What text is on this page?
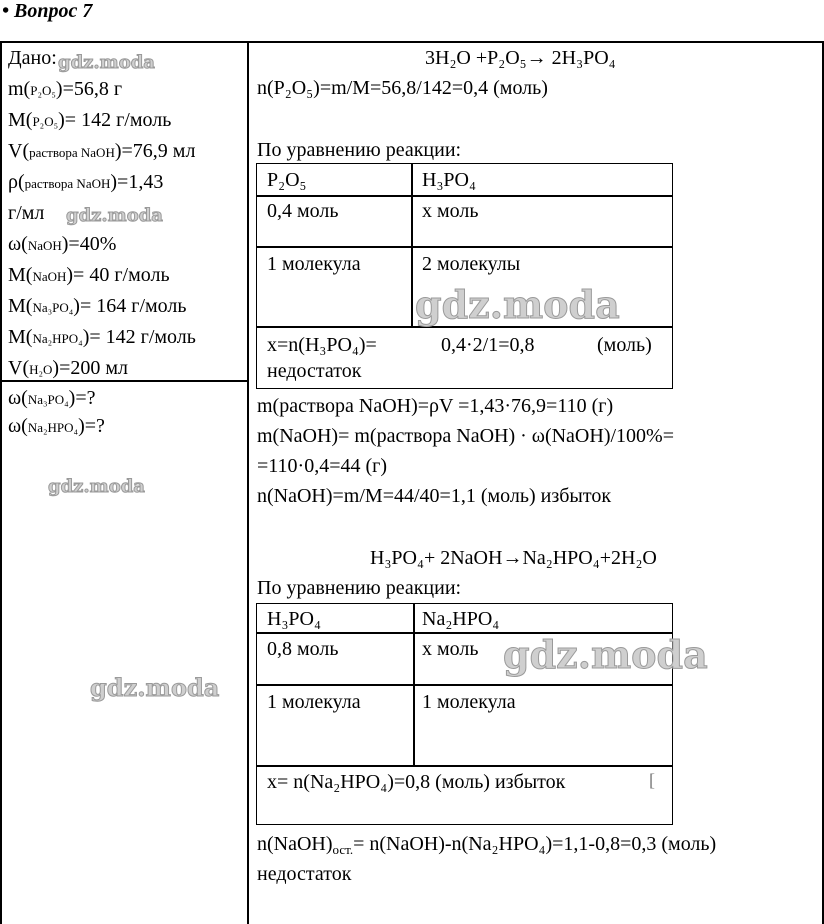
• Вопрос 7
Дано:
m(P₂O₅)=56,8 г
M(P₂O₅)= 142 г/моль
V(раствора NaOH)=76,9 мл
ρ(раствора NaOH)=1,43
г/мл
ω(NaOH)=40%
M(NaOH)= 40 г/моль
M(Na₃PO₄)= 164 г/моль
M(Na₂HPO₄)= 142 г/моль
V(H₂O)=200 мл
ω(Na₃PO₄)=?
ω(Na₂HPO₄)=?
3H₂O +P₂O₅→ 2H₃PO₄
n(P₂O₅)=m/M=56,8/142=0,4 (моль)
По уравнению реакции:
P₂O₅	H₃PO₄
0,4 моль	x моль
1 молекула	2 молекулы
x=n(H₃PO₄)=	0,4·2/1=0,8	(моль)
недостаток
m(раствора NaOH)=ρV =1,43·76,9=110 (г)
m(NaOH)= m(раствора NaOH) · ω(NaOH)/100%=
=110·0,4=44 (г)
n(NaOH)=m/M=44/40=1,1 (моль) избыток
H₃PO₄+ 2NaOH→Na₂HPO₄+2H₂O
По уравнению реакции:
H₃PO₄	Na₂HPO₄
0,8 моль	x моль
1 молекула	1 молекула
x= n(Na₂HPO₄)=0,8 (моль) избыток	[
$n(NaOH)_{ост.}=$ n(NaOH)-n(Na₂HPO₄)=1,1-0,8=0,3 (моль)
недостаток
gdz.moda
gdz.moda
gdz.moda
gdz.moda
gdz.moda
gdz.moda
